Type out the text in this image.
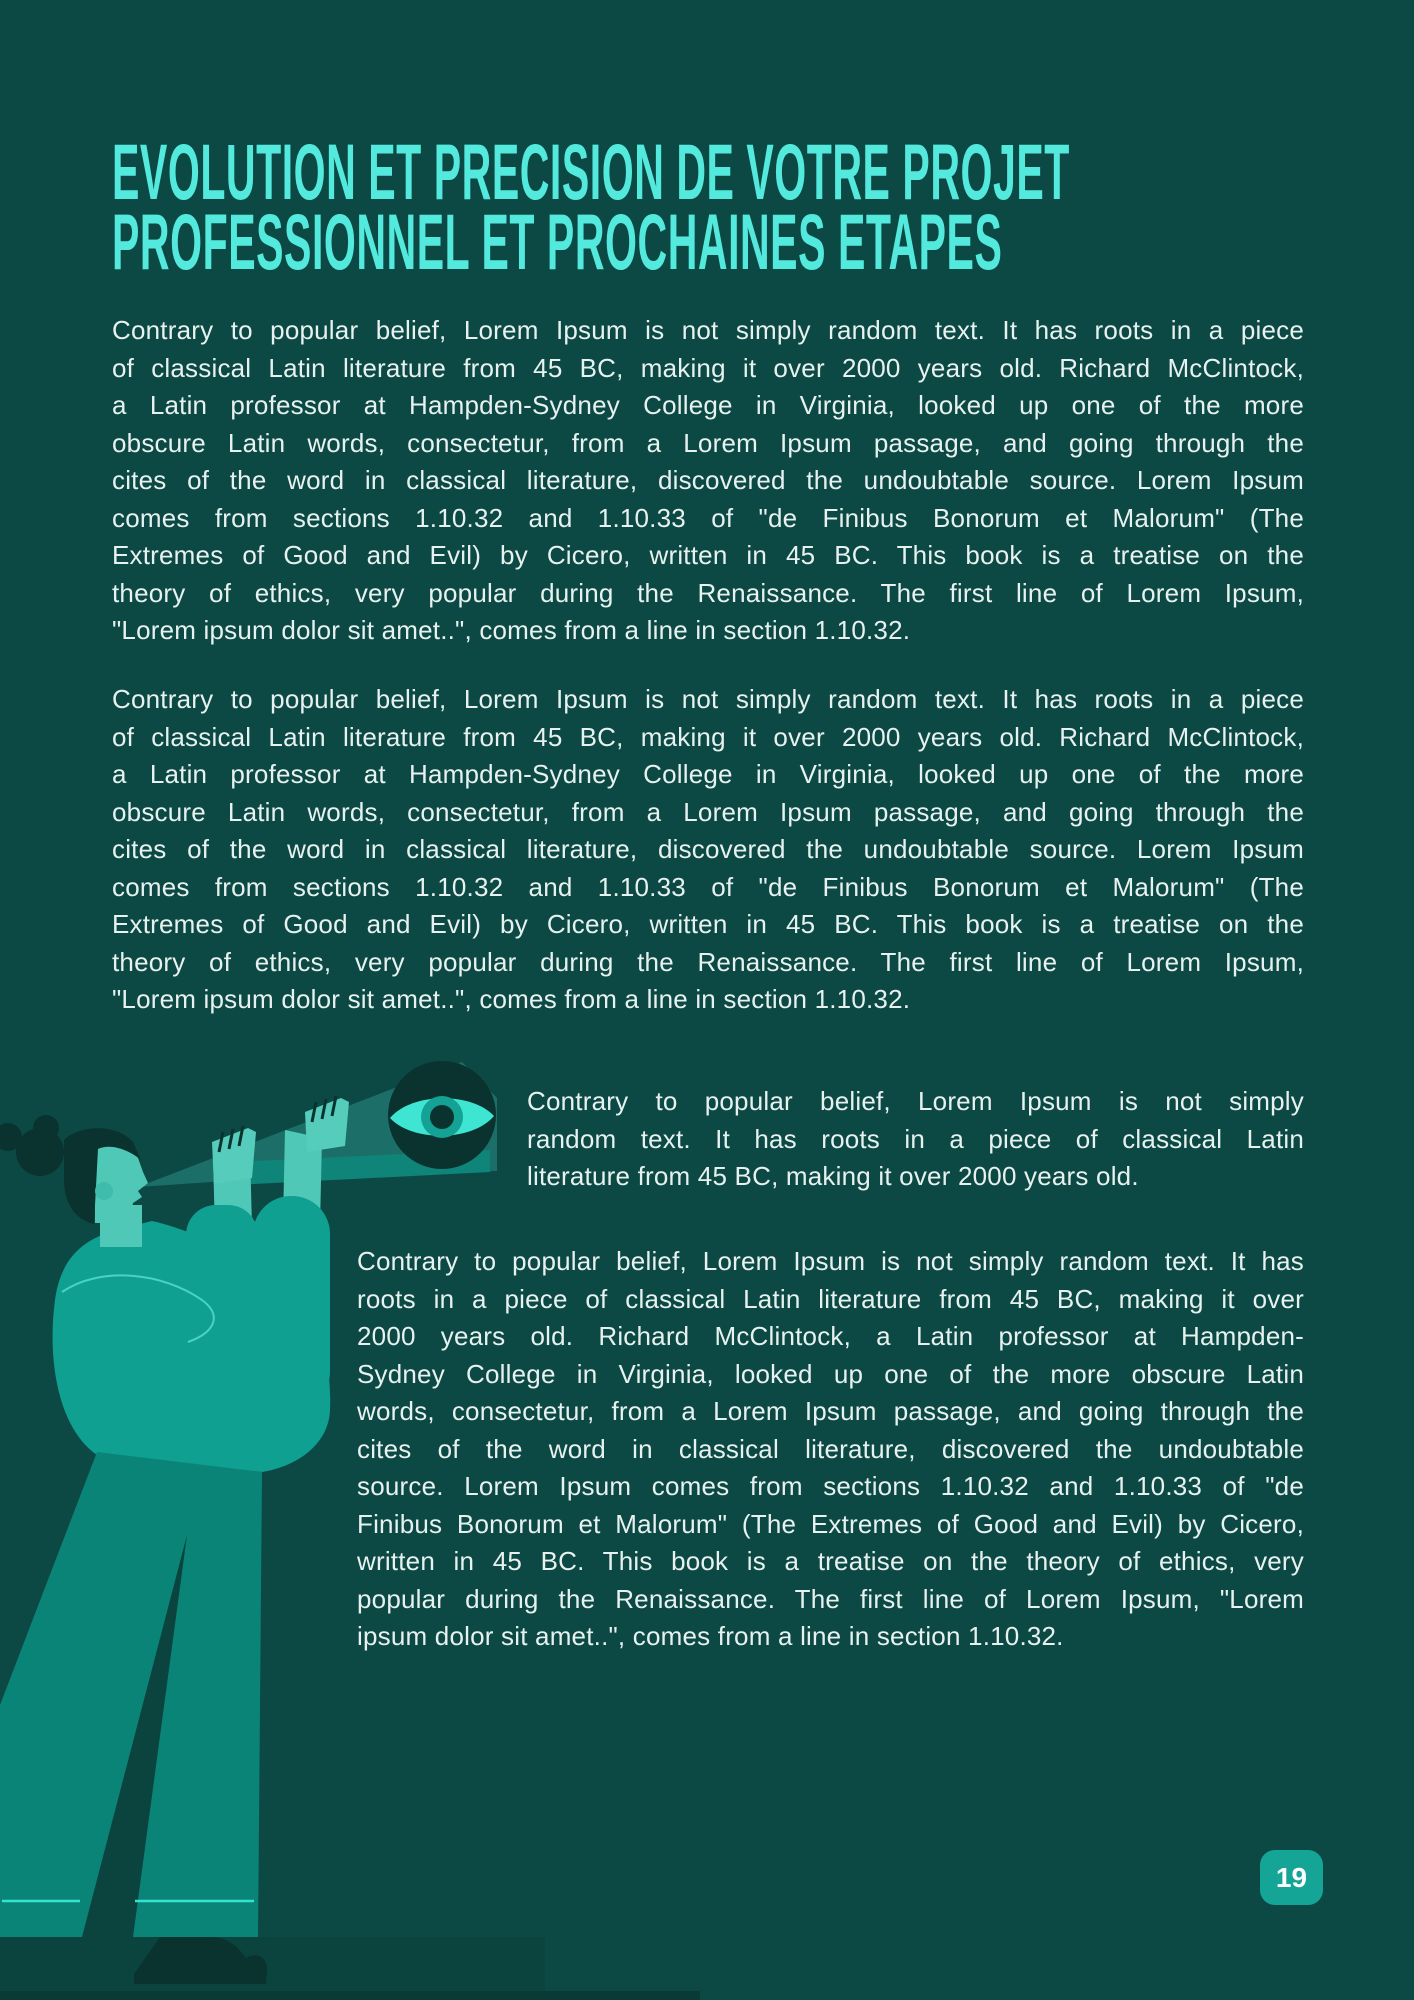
EVOLUTION ET PRECISION DE VOTRE PROJET
PROFESSIONNEL ET PROCHAINES ETAPES
Contrary to popular belief, Lorem Ipsum is not simply random text. It has roots in a piece
of classical Latin literature from 45 BC, making it over 2000 years old. Richard McClintock,
a Latin professor at Hampden-Sydney College in Virginia, looked up one of the more
obscure Latin words, consectetur, from a Lorem Ipsum passage, and going through the
cites of the word in classical literature, discovered the undoubtable source. Lorem Ipsum
comes from sections 1.10.32 and 1.10.33 of "de Finibus Bonorum et Malorum" (The
Extremes of Good and Evil) by Cicero, written in 45 BC. This book is a treatise on the
theory of ethics, very popular during the Renaissance. The first line of Lorem Ipsum,
"Lorem ipsum dolor sit amet..", comes from a line in section 1.10.32.
Contrary to popular belief, Lorem Ipsum is not simply random text. It has roots in a piece
of classical Latin literature from 45 BC, making it over 2000 years old. Richard McClintock,
a Latin professor at Hampden-Sydney College in Virginia, looked up one of the more
obscure Latin words, consectetur, from a Lorem Ipsum passage, and going through the
cites of the word in classical literature, discovered the undoubtable source. Lorem Ipsum
comes from sections 1.10.32 and 1.10.33 of "de Finibus Bonorum et Malorum" (The
Extremes of Good and Evil) by Cicero, written in 45 BC. This book is a treatise on the
theory of ethics, very popular during the Renaissance. The first line of Lorem Ipsum,
"Lorem ipsum dolor sit amet..", comes from a line in section 1.10.32.
Contrary to popular belief, Lorem Ipsum is not simply
random text. It has roots in a piece of classical Latin
literature from 45 BC, making it over 2000 years old.
Contrary to popular belief, Lorem Ipsum is not simply random text. It has
roots in a piece of classical Latin literature from 45 BC, making it over
2000 years old. Richard McClintock, a Latin professor at Hampden-
Sydney College in Virginia, looked up one of the more obscure Latin
words, consectetur, from a Lorem Ipsum passage, and going through the
cites of the word in classical literature, discovered the undoubtable
source. Lorem Ipsum comes from sections 1.10.32 and 1.10.33 of "de
Finibus Bonorum et Malorum" (The Extremes of Good and Evil) by Cicero,
written in 45 BC. This book is a treatise on the theory of ethics, very
popular during the Renaissance. The first line of Lorem Ipsum, "Lorem
ipsum dolor sit amet..", comes from a line in section 1.10.32.
19
